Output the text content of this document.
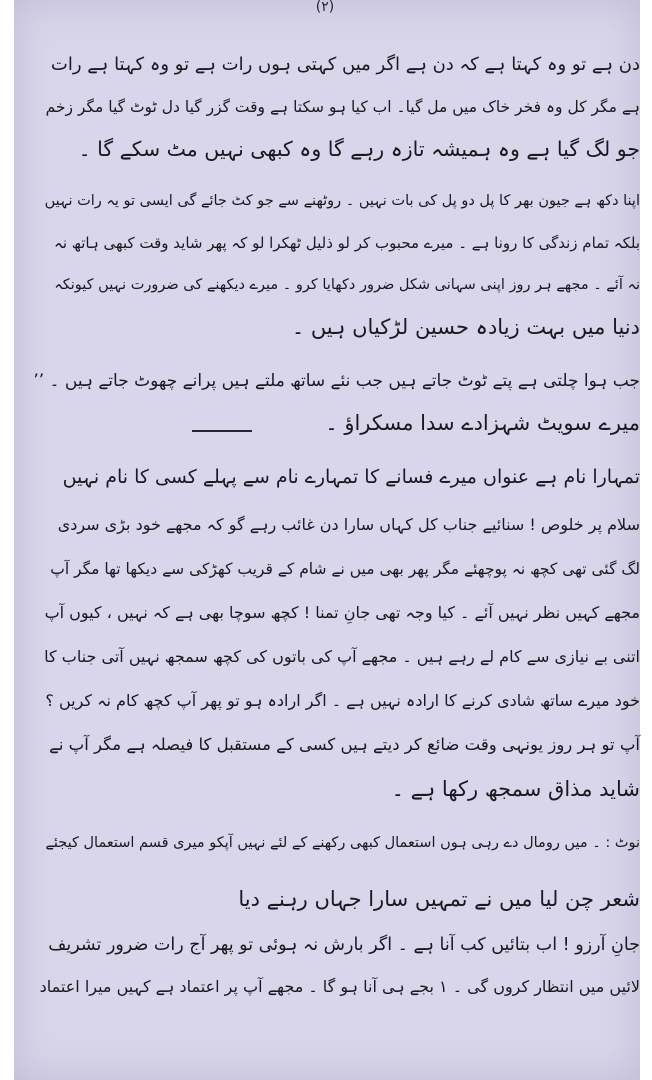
(۲)
دن ہے تو وہ کہتا ہے کہ دن ہے اگر میں کہتی ہوں رات ہے تو وہ کہتا ہے رات
ہے مگر کل وہ فخر خاک میں مل گیا۔ اب کیا ہو سکتا ہے وقت گزر گیا دل ٹوٹ گیا مگر زخم
جو لگ گیا ہے وہ ہمیشہ تازہ رہے گا وہ کبھی نہیں مٹ سکے گا ۔
اپنا دکھ ہے جیون بھر کا پل دو پل کی بات نہیں ۔ روٹھنے سے جو کٹ جائے گی ایسی تو یہ رات نہیں
بلکہ تمام زندگی کا رونا ہے ۔ میرے محبوب کر لو ذلیل ٹھکرا لو کہ پھر شاید وقت کبھی ہاتھ نہ
نہ آئے ۔ مجھے ہر روز اپنی سہانی شکل ضرور دکھایا کرو ۔ میرے دیکھنے کی ضرورت نہیں کیونکہ
دنیا میں بہت زیادہ حسین لڑکیاں ہیں ۔
جب ہوا چلتی ہے پتے ٹوٹ جاتے ہیں جب نئے ساتھ ملتے ہیں پرانے چھوٹ جاتے ہیں ۔ ’’
میرے سویٹ شہزادے سدا مسکراؤ ۔
تمہارا نام ہے عنواں میرے فسانے کا تمہارے نام سے پہلے کسی کا نام نہیں
سلام پر خلوص ! سنائیے جناب کل کہاں سارا دن غائب رہے گو کہ مجھے خود بڑی سردی
لگ گئی تھی کچھ نہ پوچھئے مگر پھر بھی میں نے شام کے قریب کھڑکی سے دیکھا تھا مگر آپ
مجھے کہیں نظر نہیں آئے ۔ کیا وجہ تھی جانِ تمنا ! کچھ سوچا بھی ہے کہ نہیں ، کیوں آپ
اتنی بے نیازی سے کام لے رہے ہیں ۔ مجھے آپ کی باتوں کی کچھ سمجھ نہیں آتی جناب کا
خود میرے ساتھ شادی کرنے کا ارادہ نہیں ہے ۔ اگر ارادہ ہو تو پھر آپ کچھ کام نہ کریں ؟
آپ تو ہر روز یونہی وقت ضائع کر دیتے ہیں کسی کے مستقبل کا فیصلہ ہے مگر آپ نے
شاید مذاق سمجھ رکھا ہے ۔
نوٹ : ۔ میں رومال دے رہی ہوں استعمال کبھی رکھنے کے لئے نہیں آپکو میری قسم استعمال کیجئے
شعر چن لیا میں نے تمہیں سارا جہاں رہنے دیا
جانِ آرزو ! اب بتائیں کب آنا ہے ۔ اگر بارش نہ ہوئی تو پھر آج رات ضرور تشریف
لائیں میں انتظار کروں گی ۔ ۱ بجے ہی آنا ہو گا ۔ مجھے آپ پر اعتماد ہے کہیں میرا اعتماد
